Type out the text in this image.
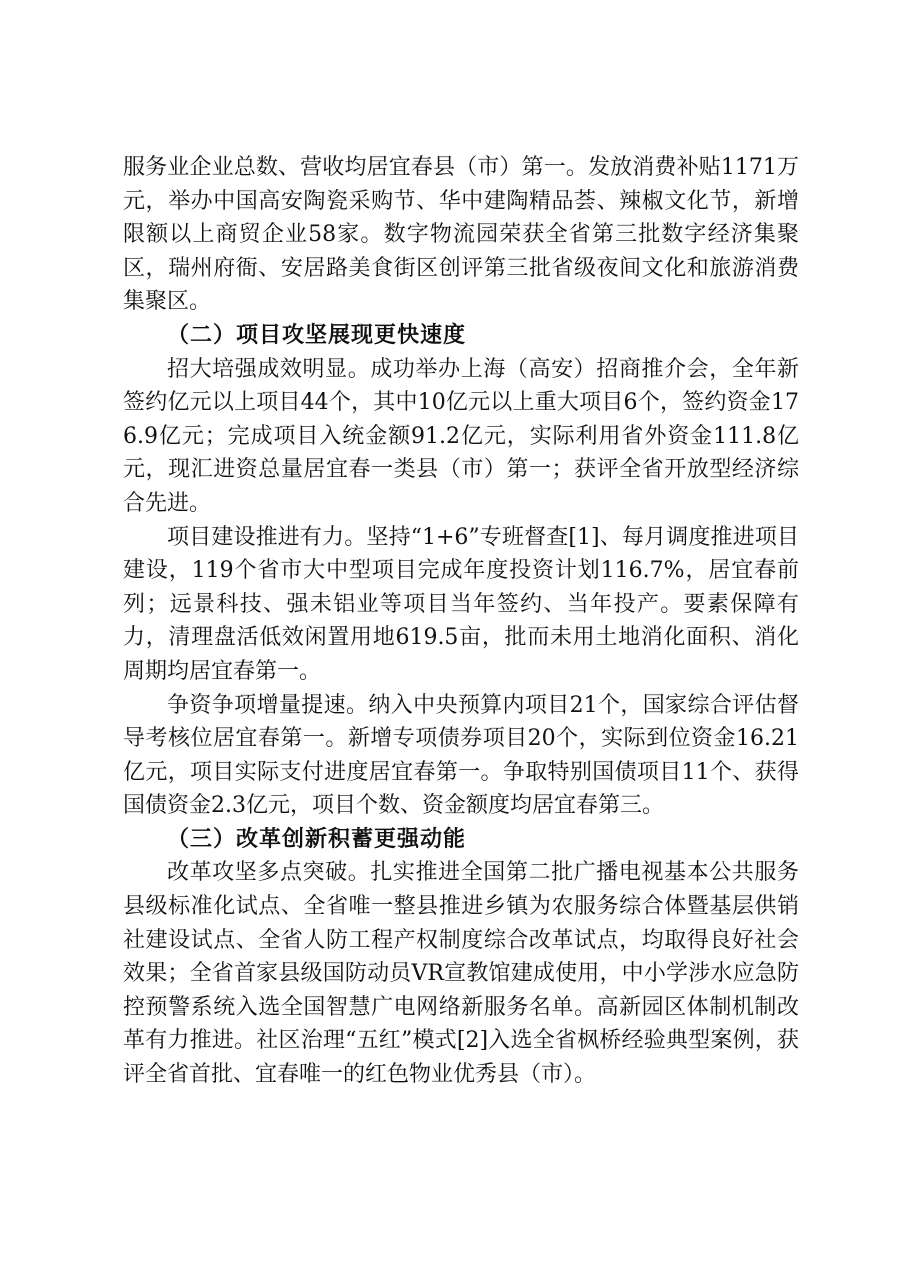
服务业企业总数、营收均居宜春县（市）第一。发放消费补贴1171万元，举办中国高安陶瓷采购节、华中建陶精品荟、辣椒文化节，新增限额以上商贸企业58家。数字物流园荣获全省第三批数字经济集聚区，瑞州府衙、安居路美食街区创评第三批省级夜间文化和旅游消费集聚区。

（二）项目攻坚展现更快速度

招大培强成效明显。成功举办上海（高安）招商推介会，全年新签约亿元以上项目44个，其中10亿元以上重大项目6个，签约资金176.9亿元；完成项目入统金额91.2亿元，实际利用省外资金111.8亿元，现汇进资总量居宜春一类县（市）第一；获评全省开放型经济综合先进。

项目建设推进有力。坚持“1+6”专班督查[1]、每月调度推进项目建设，119个省市大中型项目完成年度投资计划116.7%，居宜春前列；远景科技、强未铝业等项目当年签约、当年投产。要素保障有力，清理盘活低效闲置用地619.5亩，批而未用土地消化面积、消化周期均居宜春第一。

争资争项增量提速。纳入中央预算内项目21个，国家综合评估督导考核位居宜春第一。新增专项债券项目20个，实际到位资金16.21亿元，项目实际支付进度居宜春第一。争取特别国债项目11个、获得国债资金2.3亿元，项目个数、资金额度均居宜春第三。

（三）改革创新积蓄更强动能

改革攻坚多点突破。扎实推进全国第二批广播电视基本公共服务县级标准化试点、全省唯一整县推进乡镇为农服务综合体暨基层供销社建设试点、全省人防工程产权制度综合改革试点，均取得良好社会效果；全省首家县级国防动员VR宣教馆建成使用，中小学涉水应急防控预警系统入选全国智慧广电网络新服务名单。高新园区体制机制改革有力推进。社区治理“五红”模式[2]入选全省枫桥经验典型案例，获评全省首批、宜春唯一的红色物业优秀县（市）。
